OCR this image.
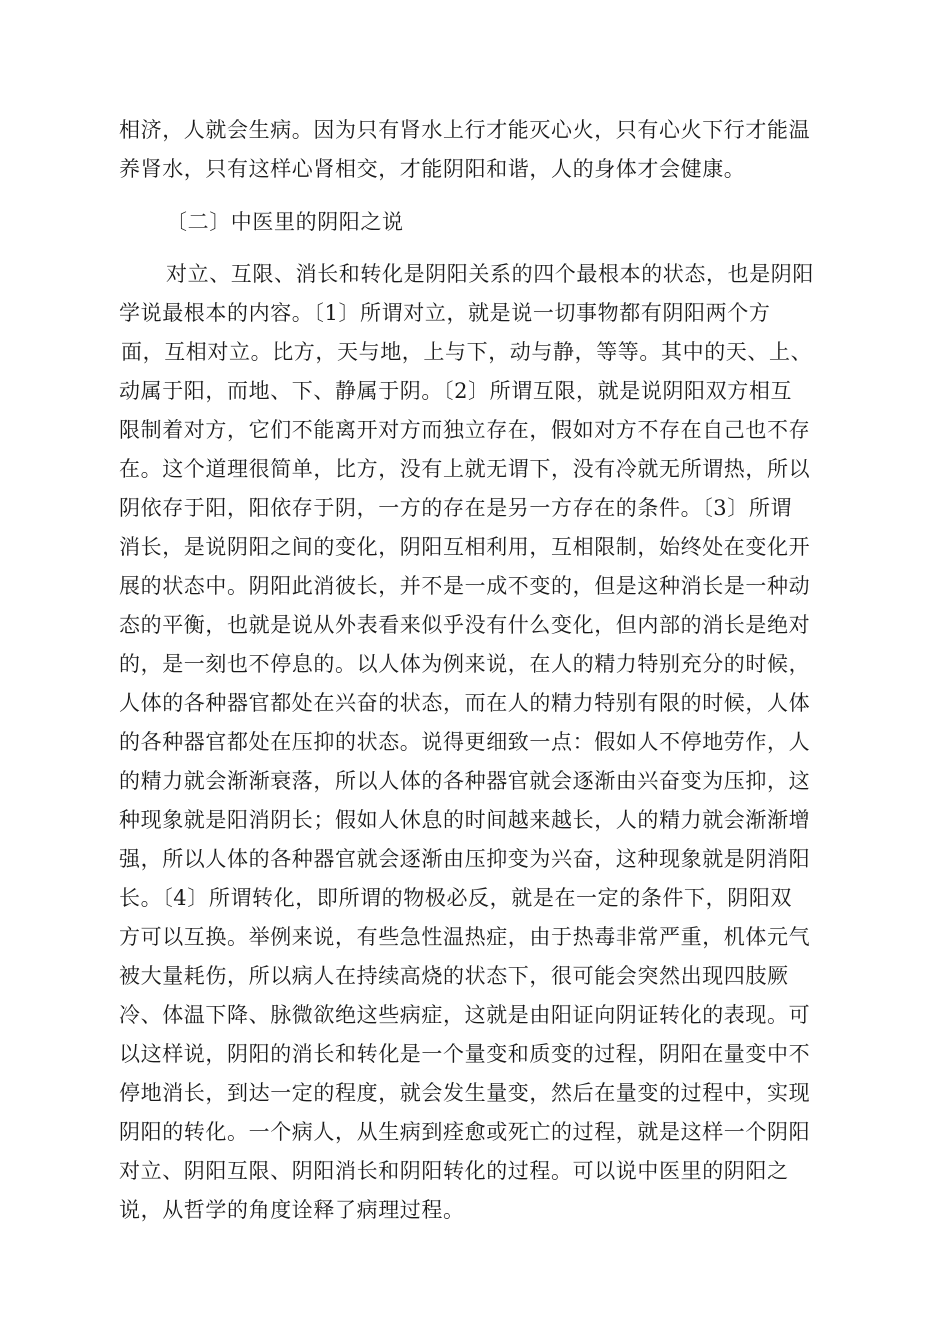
相济，人就会生病。因为只有肾水上行才能灭心火，只有心火下行才能温

养肾水，只有这样心肾相交，才能阴阳和谐，人的身体才会健康。

〔二〕中医里的阴阳之说

对立、互限、消长和转化是阴阳关系的四个最根本的状态，也是阴阳

学说最根本的内容。〔1〕所谓对立，就是说一切事物都有阴阳两个方

面，互相对立。比方，天与地，上与下，动与静，等等。其中的天、上、

动属于阳，而地、下、静属于阴。〔2〕所谓互限，就是说阴阳双方相互

限制着对方，它们不能离开对方而独立存在，假如对方不存在自己也不存

在。这个道理很简单，比方，没有上就无谓下，没有冷就无所谓热，所以

阴依存于阳，阳依存于阴，一方的存在是另一方存在的条件。〔3〕所谓

消长，是说阴阳之间的变化，阴阳互相利用，互相限制，始终处在变化开

展的状态中。阴阳此消彼长，并不是一成不变的，但是这种消长是一种动

态的平衡，也就是说从外表看来似乎没有什么变化，但内部的消长是绝对

的，是一刻也不停息的。以人体为例来说，在人的精力特别充分的时候，

人体的各种器官都处在兴奋的状态，而在人的精力特别有限的时候，人体

的各种器官都处在压抑的状态。说得更细致一点：假如人不停地劳作，人

的精力就会渐渐衰落，所以人体的各种器官就会逐渐由兴奋变为压抑，这

种现象就是阳消阴长；假如人休息的时间越来越长，人的精力就会渐渐增

强，所以人体的各种器官就会逐渐由压抑变为兴奋，这种现象就是阴消阳

长。〔4〕所谓转化，即所谓的物极必反，就是在一定的条件下，阴阳双

方可以互换。举例来说，有些急性温热症，由于热毒非常严重，机体元气

被大量耗伤，所以病人在持续高烧的状态下，很可能会突然出现四肢厥

冷、体温下降、脉微欲绝这些病症，这就是由阳证向阴证转化的表现。可

以这样说，阴阳的消长和转化是一个量变和质变的过程，阴阳在量变中不

停地消长，到达一定的程度，就会发生量变，然后在量变的过程中，实现

阴阳的转化。一个病人，从生病到痊愈或死亡的过程，就是这样一个阴阳

对立、阴阳互限、阴阳消长和阴阳转化的过程。可以说中医里的阴阳之

说，从哲学的角度诠释了病理过程。
